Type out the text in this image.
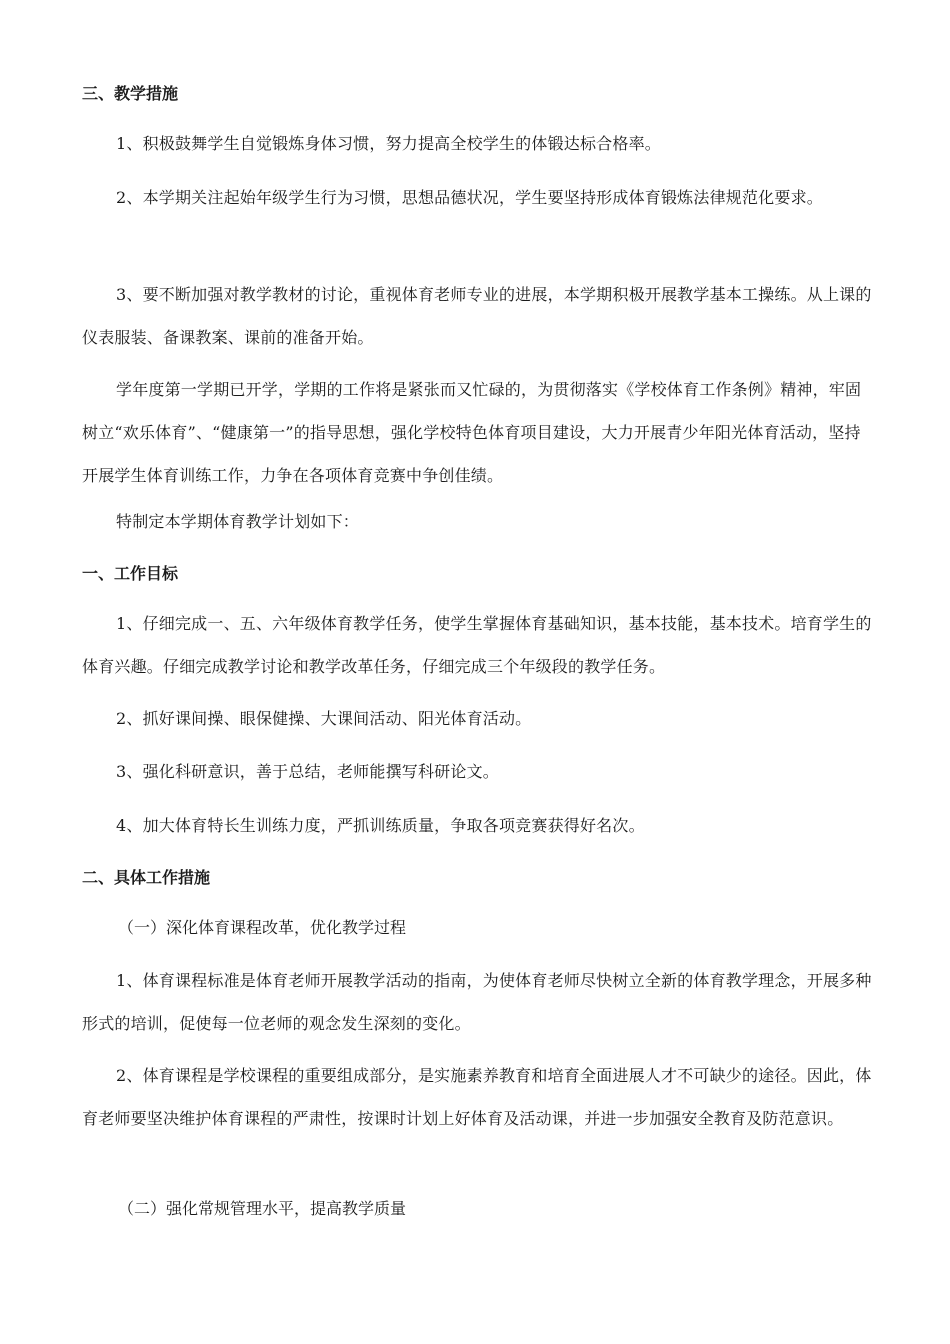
三、教学措施

1、积极鼓舞学生自觉锻炼身体习惯，努力提高全校学生的体锻达标合格率。

2、本学期关注起始年级学生行为习惯，思想品德状况，学生要坚持形成体育锻炼法律规范化要求。

3、要不断加强对教学教材的讨论，重视体育老师专业的进展，本学期积极开展教学基本工操练。从上课的仪表服装、备课教案、课前的准备开始。

学年度第一学期已开学，学期的工作将是紧张而又忙碌的，为贯彻落实《学校体育工作条例》精神，牢固树立“欢乐体育”、“健康第一”的指导思想，强化学校特色体育项目建设，大力开展青少年阳光体育活动，坚持开展学生体育训练工作，力争在各项体育竞赛中争创佳绩。

特制定本学期体育教学计划如下：

一、工作目标

1、仔细完成一、五、六年级体育教学任务，使学生掌握体育基础知识，基本技能，基本技术。培育学生的体育兴趣。仔细完成教学讨论和教学改革任务，仔细完成三个年级段的教学任务。

2、抓好课间操、眼保健操、大课间活动、阳光体育活动。

3、强化科研意识，善于总结，老师能撰写科研论文。

4、加大体育特长生训练力度，严抓训练质量，争取各项竞赛获得好名次。

二、具体工作措施

（一）深化体育课程改革，优化教学过程

1、体育课程标准是体育老师开展教学活动的指南，为使体育老师尽快树立全新的体育教学理念，开展多种形式的培训，促使每一位老师的观念发生深刻的变化。

2、体育课程是学校课程的重要组成部分，是实施素养教育和培育全面进展人才不可缺少的途径。因此，体育老师要坚决维护体育课程的严肃性，按课时计划上好体育及活动课，并进一步加强安全教育及防范意识。

（二）强化常规管理水平，提高教学质量
